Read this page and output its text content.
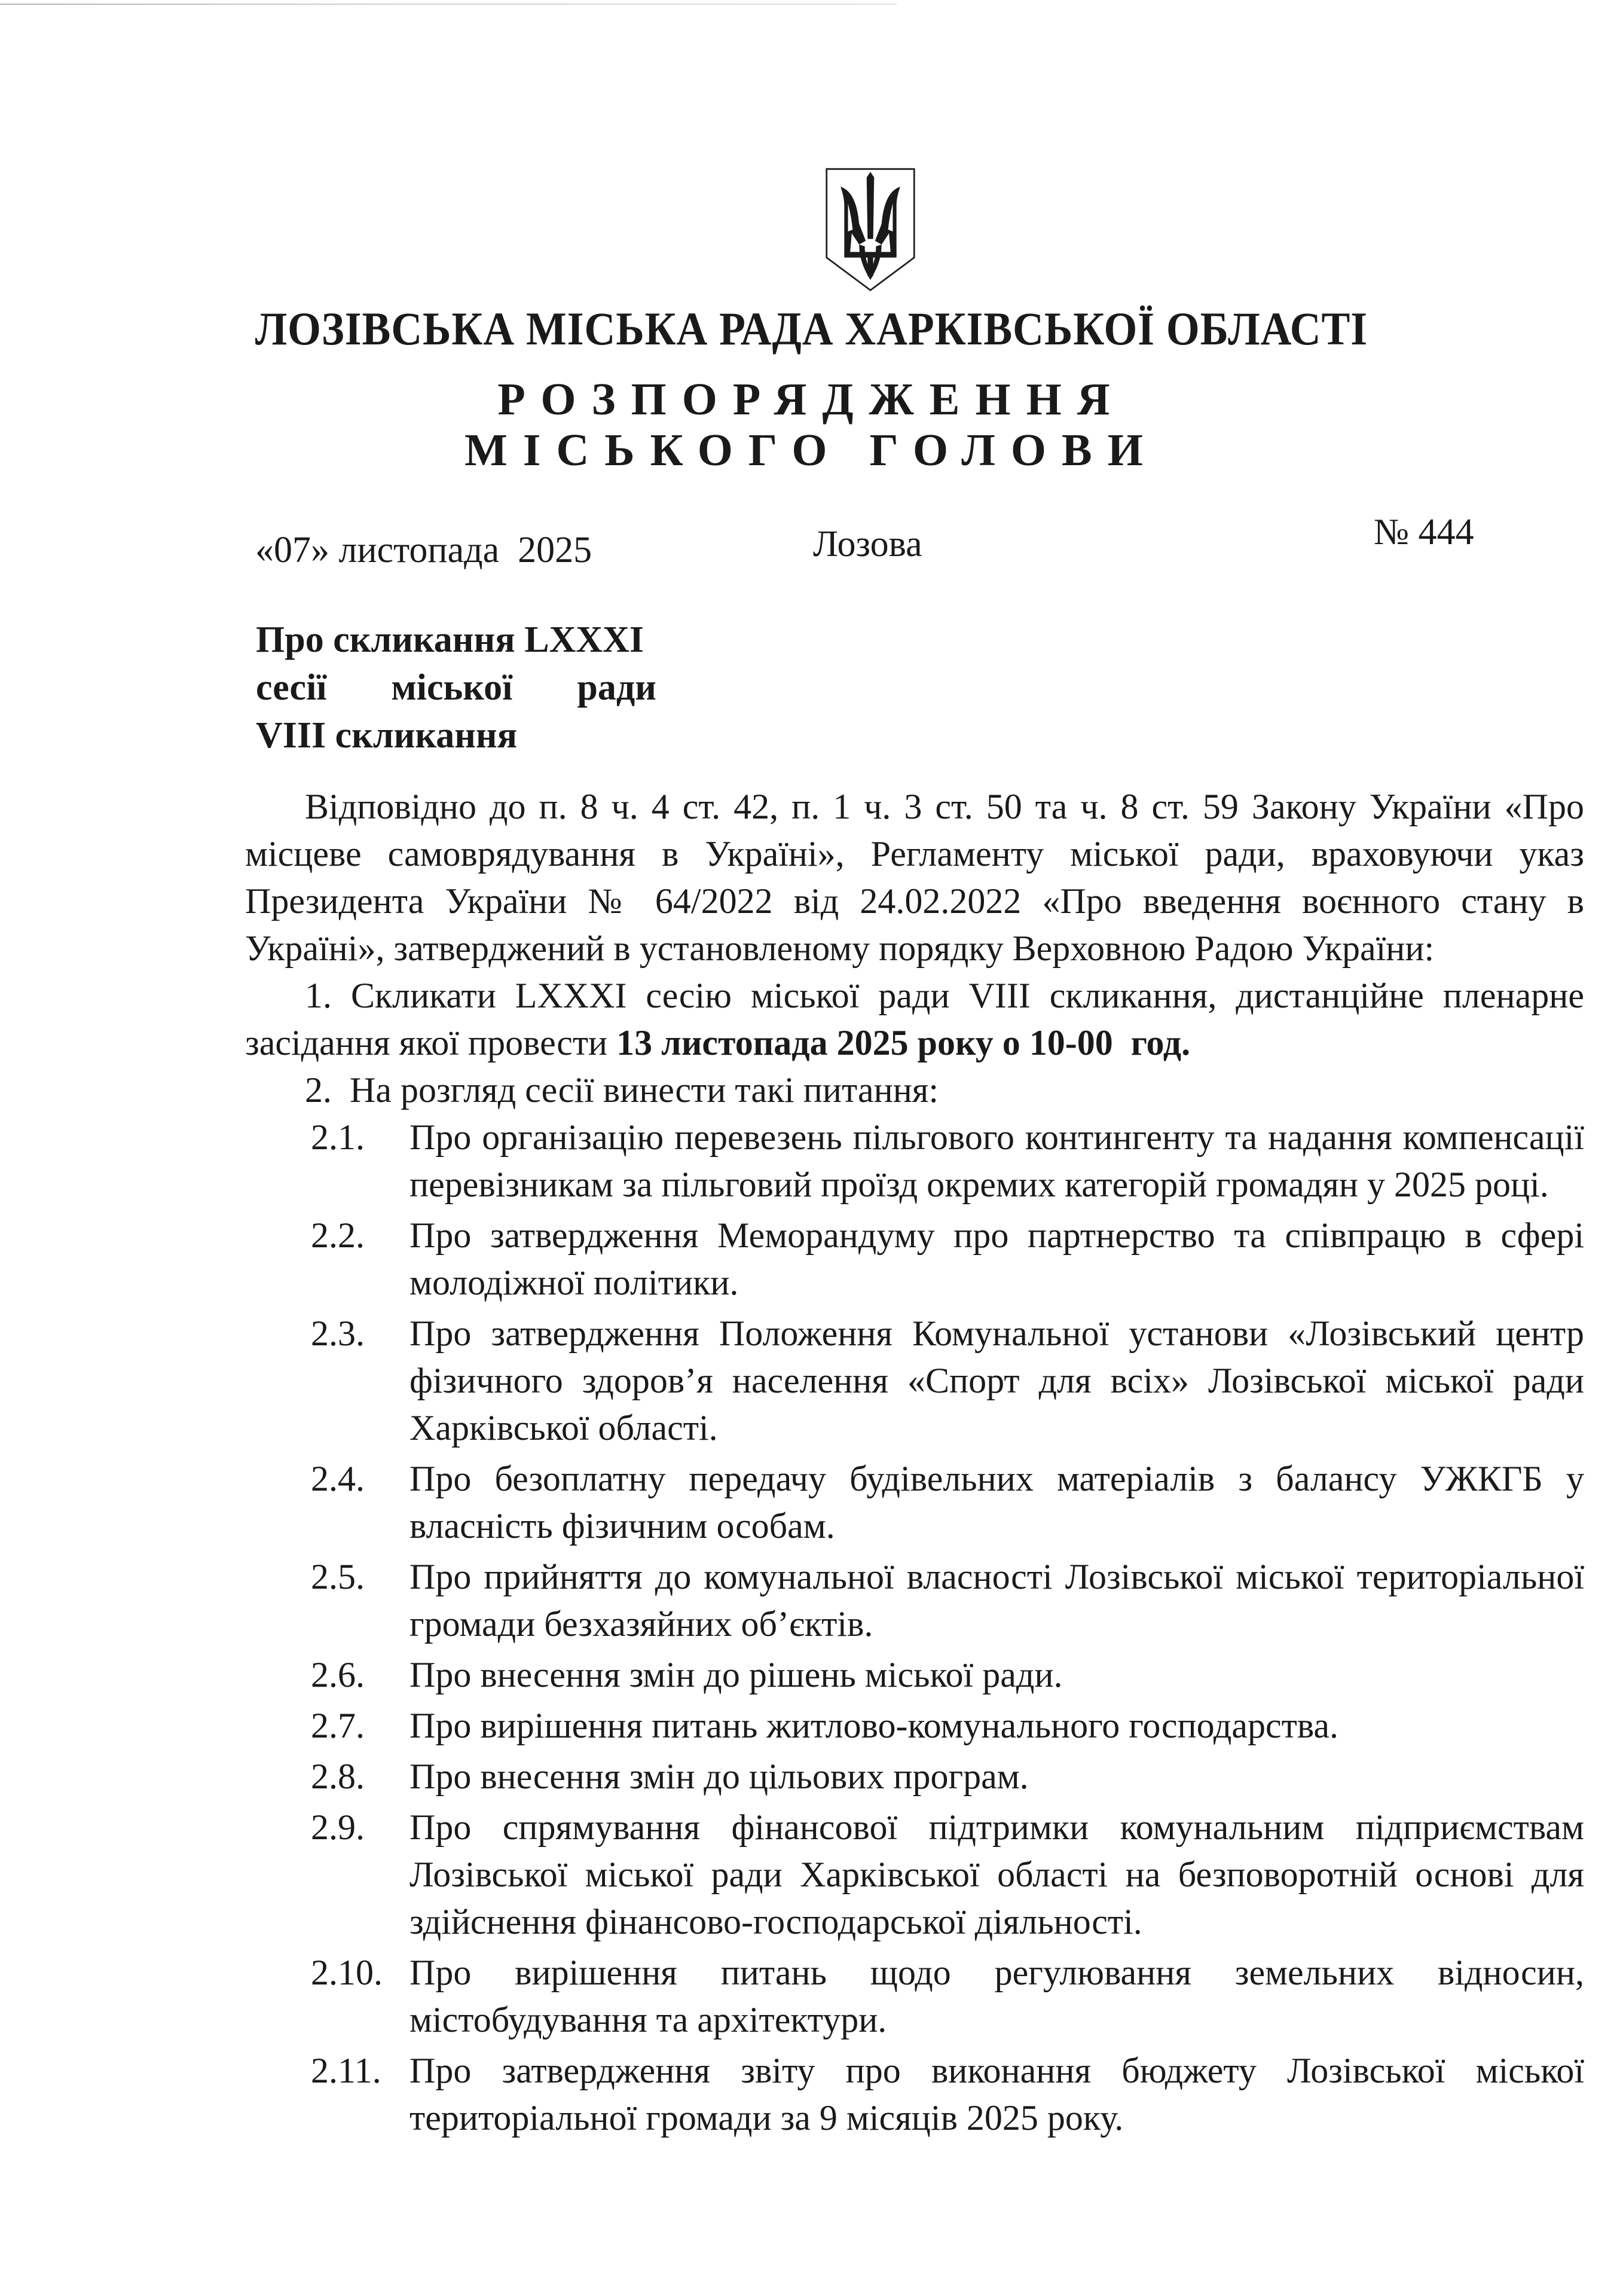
ЛОЗІВСЬКА МІСЬКА РАДА ХАРКІВСЬКОЇ ОБЛАСТІ
РОЗПОРЯДЖЕННЯ
МІСЬКОГО ГОЛОВИ
«07» листопада  2025	Лозова	№ 444
Про скликання LXXXI
сесії міської ради
VIII скликання

Відповідно до п. 8 ч. 4 ст. 42, п. 1 ч. 3 ст. 50 та ч. 8 ст. 59 Закону України «Про місцеве самоврядування в Україні», Регламенту міської ради, враховуючи указ Президента України № 64/2022 від 24.02.2022 «Про введення воєнного стану в Україні», затверджений в установленому порядку Верховною Радою України:

1. Скликати LXXXI сесію міської ради VIII скликання, дистанційне пленарне засідання якої провести 13 листопада 2025 року о 10-00  год.

2.  На розгляд сесії винести такі питання:

2.1.	Про організацію перевезень пільгового контингенту та надання компенсації перевізникам за пільговий проїзд окремих категорій громадян у 2025 році.
2.2.	Про затвердження Меморандуму про партнерство та співпрацю в сфері молодіжної політики.
2.3.	Про затвердження Положення Комунальної установи «Лозівський центр фізичного здоров’я населення «Спорт для всіх» Лозівської міської ради Харківської області.
2.4.	Про безоплатну передачу будівельних матеріалів з балансу УЖКГБ у власність фізичним особам.
2.5.	Про прийняття до комунальної власності Лозівської міської територіальної громади безхазяйних об’єктів.
2.6.	Про внесення змін до рішень міської ради.
2.7.	Про вирішення питань житлово-комунального господарства.
2.8.	Про внесення змін до цільових програм.
2.9.	Про спрямування фінансової підтримки комунальним підприємствам Лозівської міської ради Харківської області на безповоротній основі для здійснення фінансово-господарської діяльності.
2.10. Про вирішення питань щодо регулювання земельних відносин, містобудування та архітектури.
2.11. Про затвердження звіту про виконання бюджету Лозівської міської територіальної громади за 9 місяців 2025 року.
